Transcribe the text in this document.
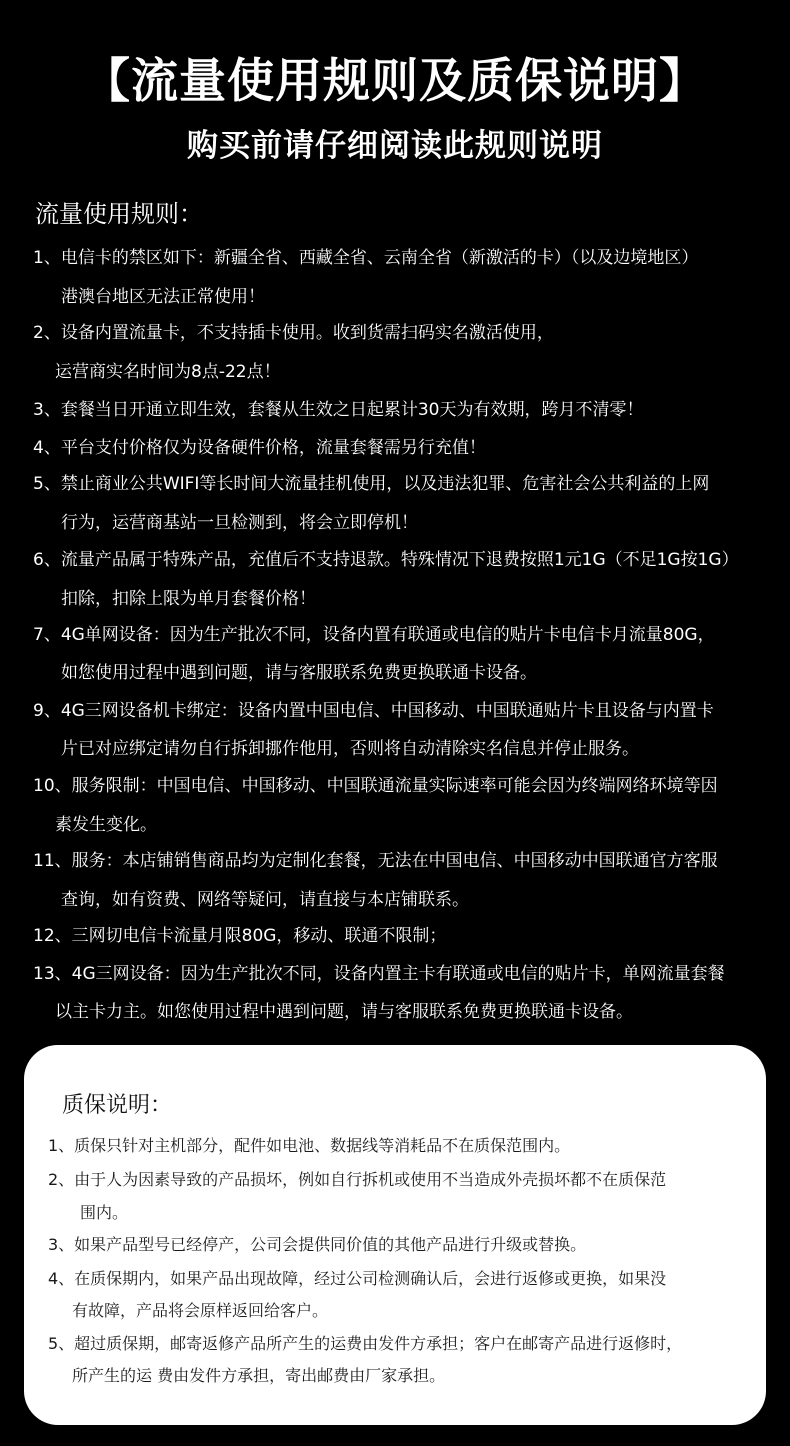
【流量使用规则及质保说明】
购买前请仔细阅读此规则说明
流量使用规则：
1、电信卡的禁区如下：新疆全省、西藏全省、云南全省（新激活的卡）（以及边境地区）
港澳台地区无法正常使用！
2、设备内置流量卡，不支持插卡使用。收到货需扫码实名激活使用，
运营商实名时间为8点-22点！
3、套餐当日开通立即生效，套餐从生效之日起累计30天为有效期，跨月不清零！
4、平台支付价格仅为设备硬件价格，流量套餐需另行充值！
5、禁止商业公共WIFI等长时间大流量挂机使用，以及违法犯罪、危害社会公共利益的上网
行为，运营商基站一旦检测到，将会立即停机！
6、流量产品属于特殊产品，充值后不支持退款。特殊情况下退费按照1元1G（不足1G按1G）
扣除，扣除上限为单月套餐价格！
7、4G单网设备：因为生产批次不同，设备内置有联通或电信的贴片卡电信卡月流量80G，
如您使用过程中遇到问题，请与客服联系免费更换联通卡设备。
9、4G三网设备机卡绑定：设备内置中国电信、中国移动、中国联通贴片卡且设备与内置卡
片已对应绑定请勿自行拆卸挪作他用，否则将自动清除实名信息并停止服务。
10、服务限制：中国电信、中国移动、中国联通流量实际速率可能会因为终端网络环境等因
素发生变化。
11、服务：本店铺销售商品均为定制化套餐，无法在中国电信、中国移动中国联通官方客服
查询，如有资费、网络等疑问，请直接与本店铺联系。
12、三网切电信卡流量月限80G，移动、联通不限制；
13、4G三网设备：因为生产批次不同，设备内置主卡有联通或电信的贴片卡，单网流量套餐
以主卡力主。如您使用过程中遇到问题，请与客服联系免费更换联通卡设备。
质保说明：
1、质保只针对主机部分，配件如电池、数据线等消耗品不在质保范围内。
2、由于人为因素导致的产品损坏，例如自行拆机或使用不当造成外壳损坏都不在质保范
围内。
3、如果产品型号已经停产，公司会提供同价值的其他产品进行升级或替换。
4、在质保期内，如果产品出现故障，经过公司检测确认后，会进行返修或更换，如果没
有故障，产品将会原样返回给客户。
5、超过质保期，邮寄返修产品所产生的运费由发件方承担；客户在邮寄产品进行返修时，
所产生的运 费由发件方承担，寄出邮费由厂家承担。
